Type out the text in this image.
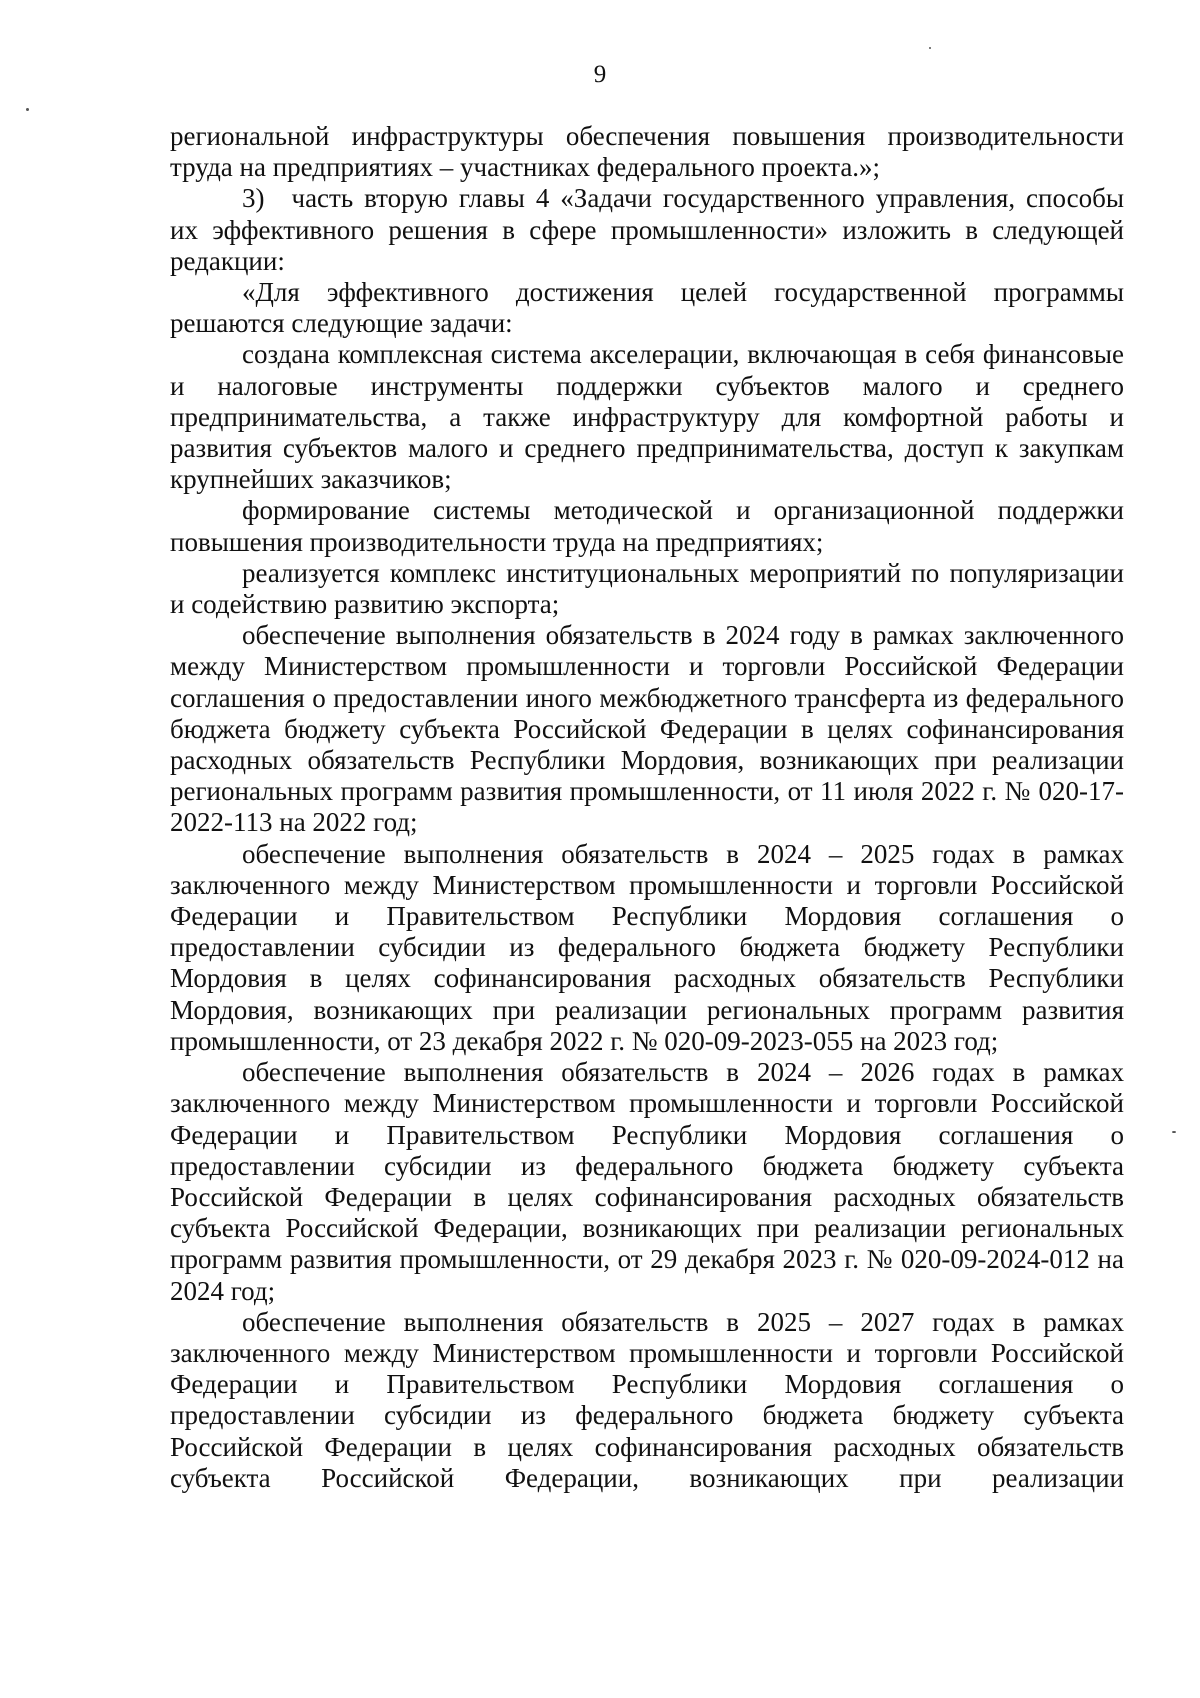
9

региональной инфраструктуры обеспечения повышения производительности труда на предприятиях – участниках федерального проекта.»;

3) часть вторую главы 4 «Задачи государственного управления, способы их эффективного решения в сфере промышленности» изложить в следующей редакции:

«Для эффективного достижения целей государственной программы решаются следующие задачи:

создана комплексная система акселерации, включающая в себя финансовые и налоговые инструменты поддержки субъектов малого и среднего предпринимательства, а также инфраструктуру для комфортной работы и развития субъектов малого и среднего предпринимательства, доступ к закупкам крупнейших заказчиков;

формирование системы методической и организационной поддержки повышения производительности труда на предприятиях;

реализуется комплекс институциональных мероприятий по популяризации и содействию развитию экспорта;

обеспечение выполнения обязательств в 2024 году в рамках заключенного между Министерством промышленности и торговли Российской Федерации соглашения о предоставлении иного межбюджетного трансферта из федерального бюджета бюджету субъекта Российской Федерации в целях софинансирования расходных обязательств Республики Мордовия, возникающих при реализации региональных программ развития промышленности, от 11 июля 2022 г. № 020-17-2022-113 на 2022 год;

обеспечение выполнения обязательств в 2024 – 2025 годах в рамках заключенного между Министерством промышленности и торговли Российской Федерации и Правительством Республики Мордовия соглашения о предоставлении субсидии из федерального бюджета бюджету Республики Мордовия в целях софинансирования расходных обязательств Республики Мордовия, возникающих при реализации региональных программ развития промышленности, от 23 декабря 2022 г. № 020-09-2023-055 на 2023 год;

обеспечение выполнения обязательств в 2024 – 2026 годах в рамках заключенного между Министерством промышленности и торговли Российской Федерации и Правительством Республики Мордовия соглашения о предоставлении субсидии из федерального бюджета бюджету субъекта Российской Федерации в целях софинансирования расходных обязательств субъекта Российской Федерации, возникающих при реализации региональных программ развития промышленности, от 29 декабря 2023 г. № 020-09-2024-012 на 2024 год;

обеспечение выполнения обязательств в 2025 – 2027 годах в рамках заключенного между Министерством промышленности и торговли Российской Федерации и Правительством Республики Мордовия соглашения о предоставлении субсидии из федерального бюджета бюджету субъекта Российской Федерации в целях софинансирования расходных обязательств субъекта Российской Федерации, возникающих при реализации
